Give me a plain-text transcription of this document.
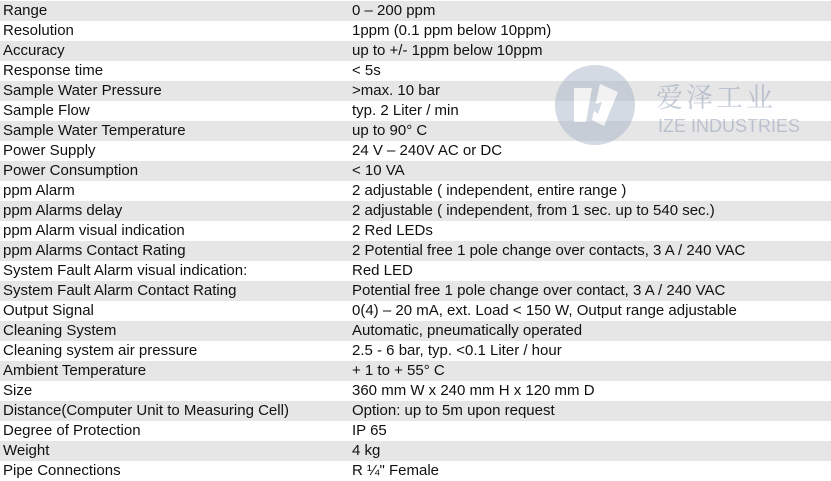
Range	0 – 200 ppm
Resolution	1ppm (0.1 ppm below 10ppm)
Accuracy	up to +/- 1ppm below 10ppm
Response time	< 5s
Sample Water Pressure	>max. 10 bar
Sample Flow	typ. 2 Liter / min
Sample Water Temperature	up to 90° C
Power Supply	24 V – 240V AC or DC
Power Consumption	< 10 VA
ppm Alarm	2 adjustable ( independent, entire range )
ppm Alarms delay	2 adjustable ( independent, from 1 sec. up to 540 sec.)
ppm Alarm visual indication	2 Red LEDs
ppm Alarms Contact Rating	2 Potential free 1 pole change over contacts, 3 A / 240 VAC
System Fault Alarm visual indication:	Red LED
System Fault Alarm Contact Rating	Potential free 1 pole change over contact, 3 A / 240 VAC
Output Signal	0(4) – 20 mA, ext. Load < 150 W, Output range adjustable
Cleaning System	Automatic, pneumatically operated
Cleaning system air pressure	2.5 - 6 bar, typ. <0.1 Liter / hour
Ambient Temperature	+ 1 to + 55° C
Size	360 mm W x 240 mm H x 120 mm D
Distance(Computer Unit to Measuring Cell)	Option: up to 5m upon request
Degree of Protection	IP 65
Weight	4 kg
Pipe Connections	R ¼" Female
爱泽工业
IZE INDUSTRIES
